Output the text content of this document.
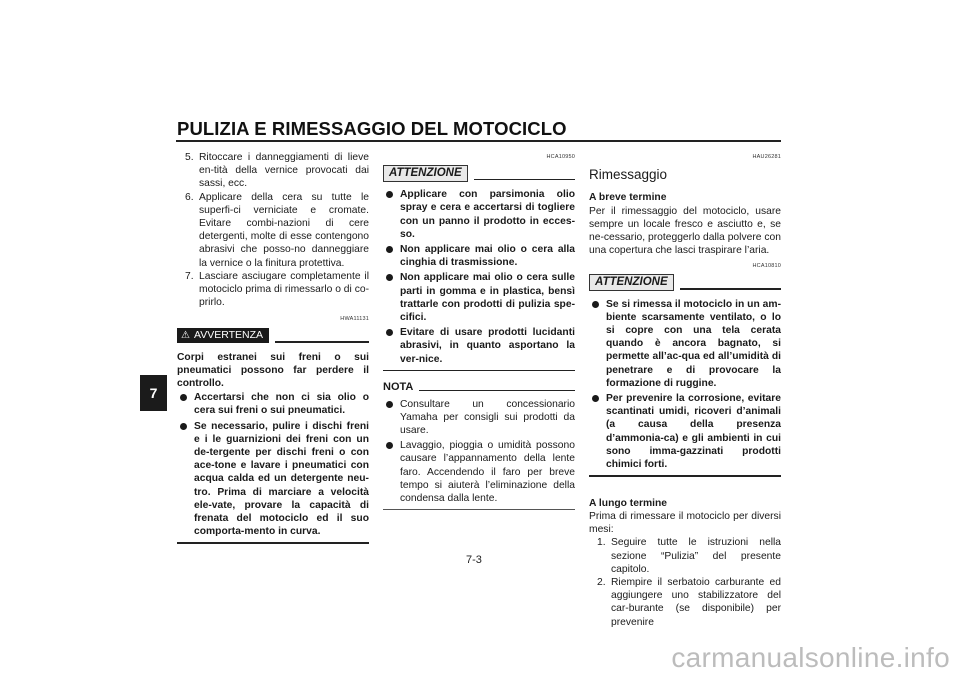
PULIZIA E RIMESSAGGIO DEL MOTOCICLO
7
5. Ritoccare i danneggiamenti di lieve en-tità della vernice provocati dai sassi, ecc.
6. Applicare della cera su tutte le superfi-ci verniciate e cromate. Evitare combi-nazioni di cere detergenti, molte di esse contengono abrasivi che posso-no danneggiare la vernice o la finitura protettiva.
7. Lasciare asciugare completamente il motociclo prima di rimessarlo o di co-prirlo.
HWA11131
⚠ AVVERTENZA

Corpi estranei sui freni o sui pneumatici possono far perdere il controllo.

Accertarsi che non ci sia olio o cera sui freni o sui pneumatici.
Se necessario, pulire i dischi freni e i le guarnizioni dei freni con un de-tergente per dischi freni o con ace-tone e lavare i pneumatici con acqua calda ed un detergente neu-tro. Prima di marciare a velocità ele-vate, provare la capacità di frenata del motociclo ed il suo comporta-mento in curva.
HCA10950
ATTENZIONE
Applicare con parsimonia olio spray e cera e accertarsi di togliere con un panno il prodotto in ecces-so.
Non applicare mai olio o cera alla cinghia di trasmissione.
Non applicare mai olio o cera sulle parti in gomma e in plastica, bensì trattarle con prodotti di pulizia spe-cifici.
Evitare di usare prodotti lucidanti abrasivi, in quanto asportano la ver-nice.
NOTA
Consultare un concessionario Yamaha per consigli sui prodotti da usare.
Lavaggio, pioggia o umidità possono causare l’appannamento della lente faro. Accendendo il faro per breve tempo si aiuterà l’eliminazione della condensa dalla lente.
HAU26281
Rimessaggio

A breve termine

Per il rimessaggio del motociclo, usare sempre un locale fresco e asciutto e, se ne-cessario, proteggerlo dalla polvere con una copertura che lasci traspirare l’aria.

HCA10810
ATTENZIONE
Se si rimessa il motociclo in un am-biente scarsamente ventilato, o lo si copre con una tela cerata quando è ancora bagnato, si permette all’ac-qua ed all’umidità di penetrare e di provocare la formazione di ruggine.
Per prevenire la corrosione, evitare scantinati umidi, ricoveri d’animali (a causa della presenza d’ammonia-ca) e gli ambienti in cui sono imma-gazzinati prodotti chimici forti.

A lungo termine

Prima di rimessare il motociclo per diversi mesi:

1. Seguire tutte le istruzioni nella sezione “Pulizia” del presente capitolo.
2. Riempire il serbatoio carburante ed aggiungere uno stabilizzatore del car-burante (se disponibile) per prevenire
7-3
carmanualsonline.info
